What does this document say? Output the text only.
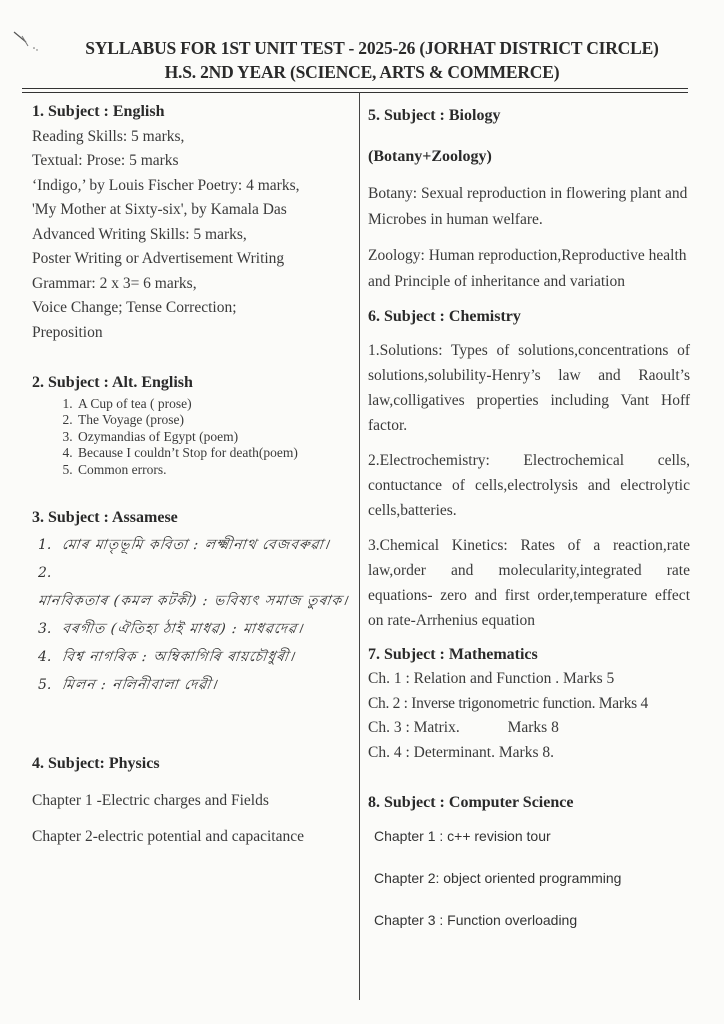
SYLLABUS FOR 1ST UNIT TEST - 2025-26 (JORHAT DISTRICT CIRCLE)
H.S. 2ND YEAR (SCIENCE, ARTS & COMMERCE)
1. Subject : English
Reading Skills: 5 marks,
Textual: Prose: 5 marks
‘Indigo,’ by Louis Fischer Poetry: 4 marks,
'My Mother at Sixty-six', by Kamala Das
Advanced Writing Skills: 5 marks,
Poster Writing or Advertisement Writing
Grammar: 2 x 3= 6 marks,
Voice Change; Tense Correction;
Preposition
2. Subject : Alt. English
1. A Cup of tea ( prose)
2. The Voyage (prose)
3. Ozymandias of Egypt (poem)
4. Because I couldn’t Stop for death(poem)
5. Common errors.
3. Subject : Assamese
1. মোৰ মাতৃভূমি কবিতা : লক্ষ্মীনাথ বেজবৰুৱা।
2.মানবিকতাৰ (কমল কটকী) : ভবিষ্যৎ সমাজ তুৰাক।
3. বৰগীত (ঐতিহ্য ঠাই মাধৱ) : মাধৱদেৱ।
4. বিশ্ব নাগৰিক : অম্বিকাগিৰি ৰায়চৌধুৰী।
5. মিলন : নলিনীবালা দেৱী।
4. Subject: Physics
Chapter 1 -Electric charges and Fields
Chapter 2-electric potential and capacitance
5. Subject : Biology
(Botany+Zoology)
Botany: Sexual reproduction in flowering plant and Microbes in human welfare.
Zoology: Human reproduction,Reproductive health and Principle of inheritance and variation
6. Subject : Chemistry
1.Solutions: Types of solutions,concentrations of solutions,solubility-Henry’s law and Raoult’s law,colligatives properties including Vant Hoff factor.
2.Electrochemistry: Electrochemical cells, contuctance of cells,electrolysis and electrolytic cells,batteries.
3.Chemical Kinetics: Rates of a reaction,rate law,order and molecularity,integrated rate equations- zero and first order,temperature effect on rate-Arrhenius equation
7. Subject : Mathematics
Ch. 1 : Relation and Function . Marks 5
Ch. 2 : Inverse trigonometric function. Marks 4
Ch. 3 : Matrix.	Marks 8
Ch. 4 : Determinant. Marks 8.
8. Subject : Computer Science
Chapter 1 : c++ revision tour
Chapter 2: object oriented programming
Chapter 3 : Function overloading
